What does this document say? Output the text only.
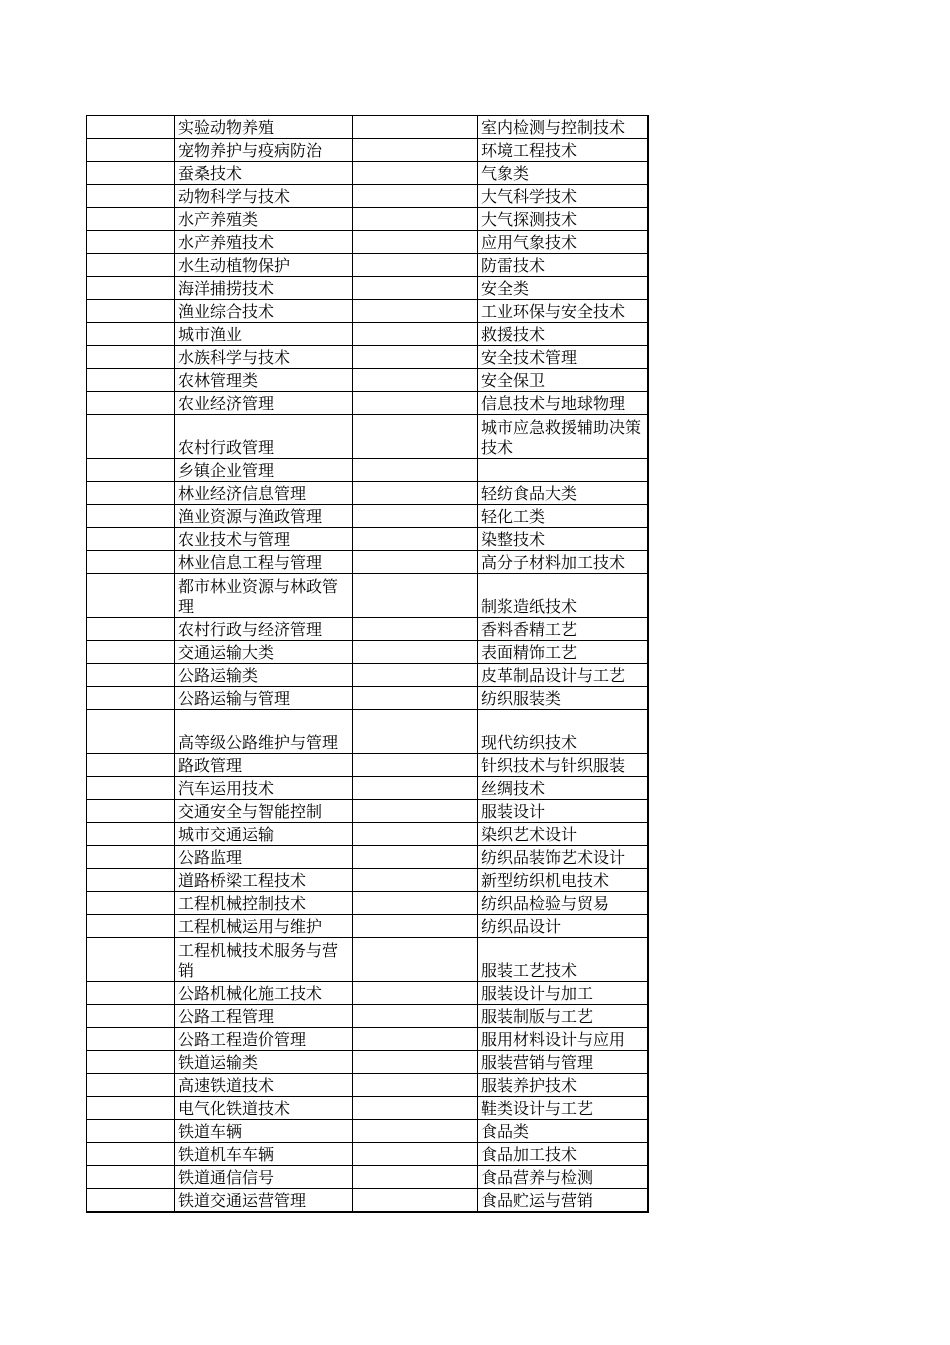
	实验动物养殖		室内检测与控制技术
	宠物养护与疫病防治		环境工程技术
	蚕桑技术		气象类
	动物科学与技术		大气科学技术
	水产养殖类		大气探测技术
	水产养殖技术		应用气象技术
	水生动植物保护		防雷技术
	海洋捕捞技术		安全类
	渔业综合技术		工业环保与安全技术
	城市渔业		救援技术
	水族科学与技术		安全技术管理
	农林管理类		安全保卫
	农业经济管理		信息技术与地球物理
	农村行政管理		城市应急救援辅助决策技术
	乡镇企业管理		
	林业经济信息管理		轻纺食品大类
	渔业资源与渔政管理		轻化工类
	农业技术与管理		染整技术
	林业信息工程与管理		高分子材料加工技术
	都市林业资源与林政管理		制浆造纸技术
	农村行政与经济管理		香料香精工艺
	交通运输大类		表面精饰工艺
	公路运输类		皮革制品设计与工艺
	公路运输与管理		纺织服装类
	高等级公路维护与管理		现代纺织技术
	路政管理		针织技术与针织服装
	汽车运用技术		丝绸技术
	交通安全与智能控制		服装设计
	城市交通运输		染织艺术设计
	公路监理		纺织品装饰艺术设计
	道路桥梁工程技术		新型纺织机电技术
	工程机械控制技术		纺织品检验与贸易
	工程机械运用与维护		纺织品设计
	工程机械技术服务与营销		服装工艺技术
	公路机械化施工技术		服装设计与加工
	公路工程管理		服装制版与工艺
	公路工程造价管理		服用材料设计与应用
	铁道运输类		服装营销与管理
	高速铁道技术		服装养护技术
	电气化铁道技术		鞋类设计与工艺
	铁道车辆		食品类
	铁道机车车辆		食品加工技术
	铁道通信信号		食品营养与检测
	铁道交通运营管理		食品贮运与营销
